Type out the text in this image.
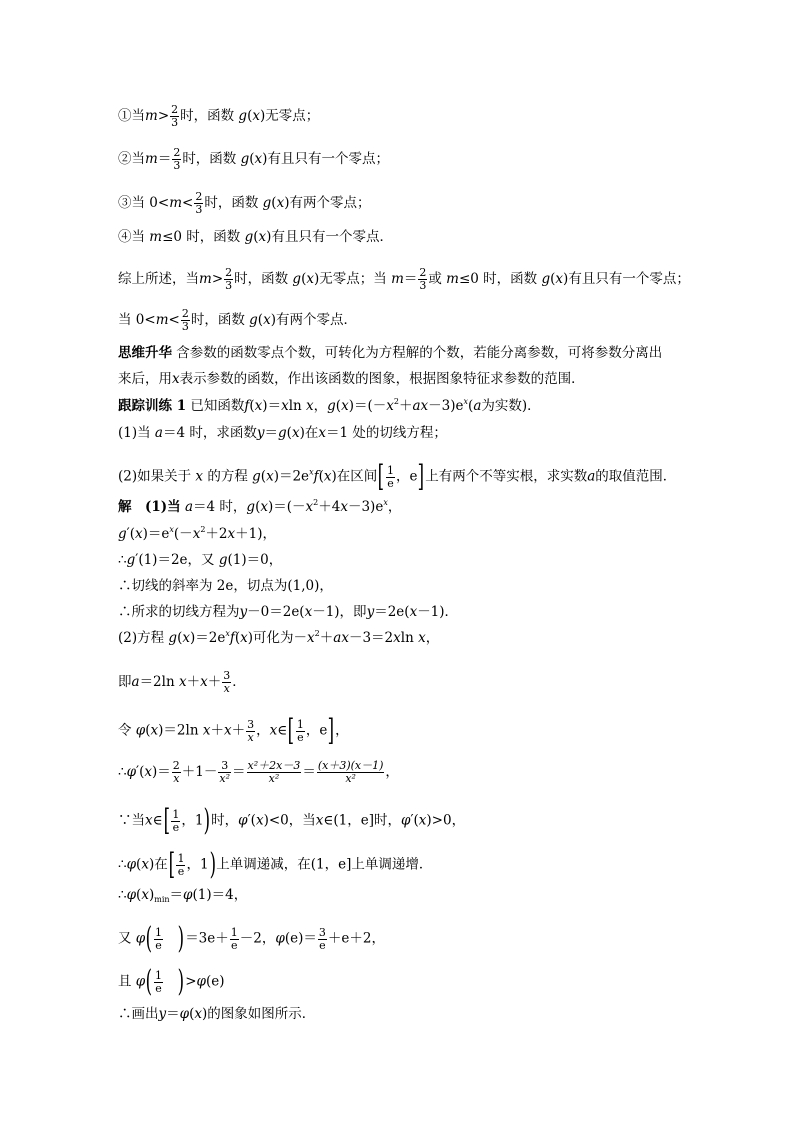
①当$m> \frac{2}{3}$ 时，函数 g(x)无零点；
②当$m= \frac{2}{3}$ 时，函数 g(x)有且只有一个零点；
③当 $0<m< \frac{2}{3}$ 时，函数 g(x)有两个零点；
④当 m≤0 时，函数 g(x)有且只有一个零点．
综上所述，当$m> \frac{2}{3}$ 时，函数 g(x)无零点；当 $m= \frac{2}{3}$ 或 m≤0 时，函数 g(x)有且只有一个零点；
当 $0<m< \frac{2}{3}$ 时，函数 g(x)有两个零点．
思维升华 含参数的函数零点个数，可转化为方程解的个数，若能分离参数，可将参数分离出
来后，用x表示参数的函数，作出该函数的图象，根据图象特征求参数的范围．
跟踪训练 1 已知函数f(x)＝xln x，$g(x)=(-x^2+ax-3)e^x(a$为实数)．
(1)当 a＝4 时，求函数y＝g(x)在x＝1 处的切线方程；
(2)如果关于 x 的方程 $g(x)=2e^xf(x)$在区间[ $\frac{1}{e}$ ，e]上有两个不等实根，求实数a的取值范围．
解　(1)当 a＝4 时，$g(x)=(-x^2+4x-3)e^x$，
$g'(x)=e^x(-x^2+2x+1)$，
∴g′(1)＝2e，又 g(1)＝0，
∴切线的斜率为 2e，切点为(1,0)，
∴所求的切线方程为y－0＝2e(x－1)，即y＝2e(x－1)．
(2)方程 $g(x)=2e^xf(x)$可化为$-x^2+ax-3=2xln$ x，
即a＝2ln $x+x+ \frac{3}{x}$ ．
令 φ(x)＝2ln $x+x+ \frac{3}{x}$ ，x∈[ $\frac{1}{e}$ ，e]，
∴φ′(x)＝ $\frac{2}{x} +1- \frac{3}{\text{x²}} = \frac{\text{x²＋2x－3}}{\text{x²}} = \frac{(x+3)(x-1)}{\text{x²}}$ ，
∵当x∈[ $\frac{1}{e}$ ，1)时，φ′(x)<0，当x∈(1，e]时，φ′(x)>0，
∴φ(x)在[ $\frac{1}{e}$ ，1)上单调递减，在(1，e]上单调递增．
$\therefore\varphi(x)_{min}=\varphi(1)=4$，
又 $\varphi( \frac{1}{e}$
   )$=3e+ \frac{1}{e} -2$，$\varphi(e)= \frac{3}{e} +e+2$，
且 $\varphi( \frac{1}{e}$
   )>φ(e)
∴画出y＝φ(x)的图象如图所示．
